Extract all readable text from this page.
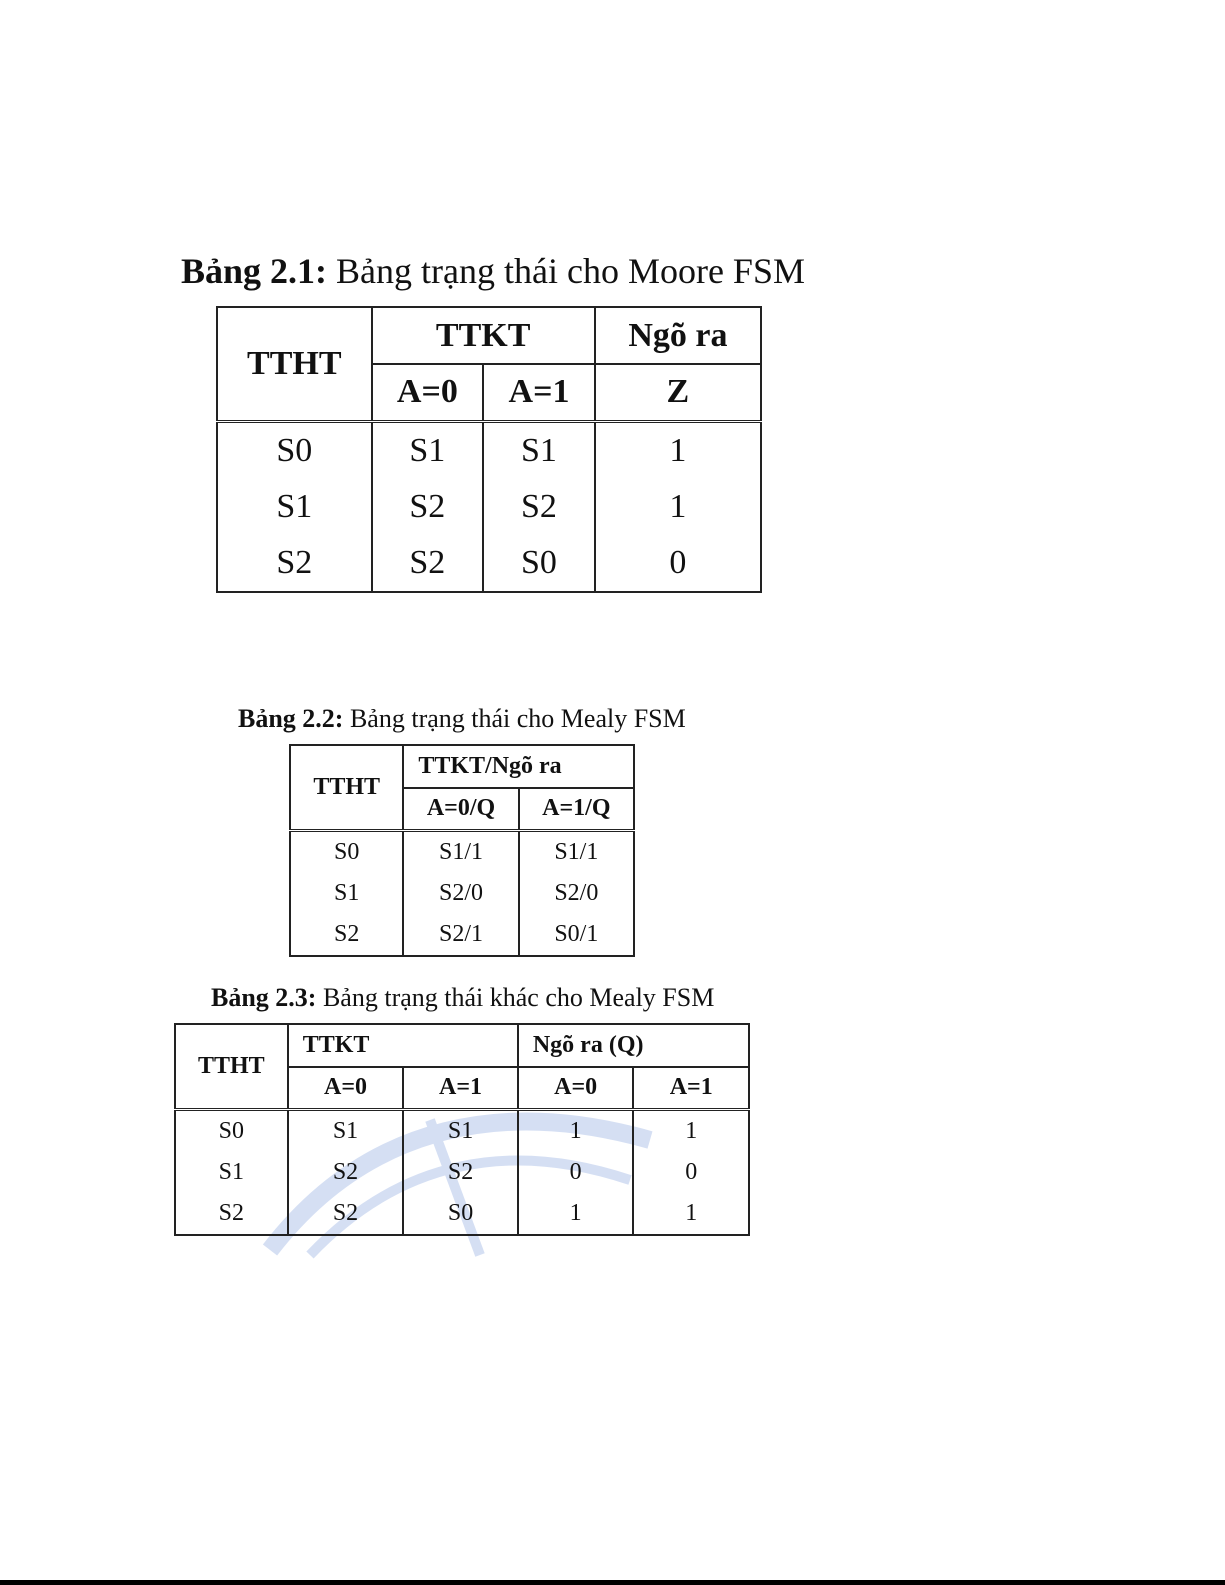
Bảng 2.1: Bảng trạng thái cho Moore FSM
TTHT	TTKT		Ngõ ra
	A=0	A=1	Z
S0	S1	S1	1
S1	S2	S2	1
S2	S2	S0	0
Bảng 2.2: Bảng trạng thái cho Mealy FSM
TTHT	TTKT/Ngõ ra	
	A=0/Q	A=1/Q
S0	S1/1	S1/1
S1	S2/0	S2/0
S2	S2/1	S0/1
Bảng 2.3: Bảng trạng thái khác cho Mealy FSM
TTHT	TTKT		Ngõ ra (Q)	
	A=0	A=1	A=0	A=1
S0	S1	S1	1	1
S1	S2	S2	0	0
S2	S2	S0	1	1
